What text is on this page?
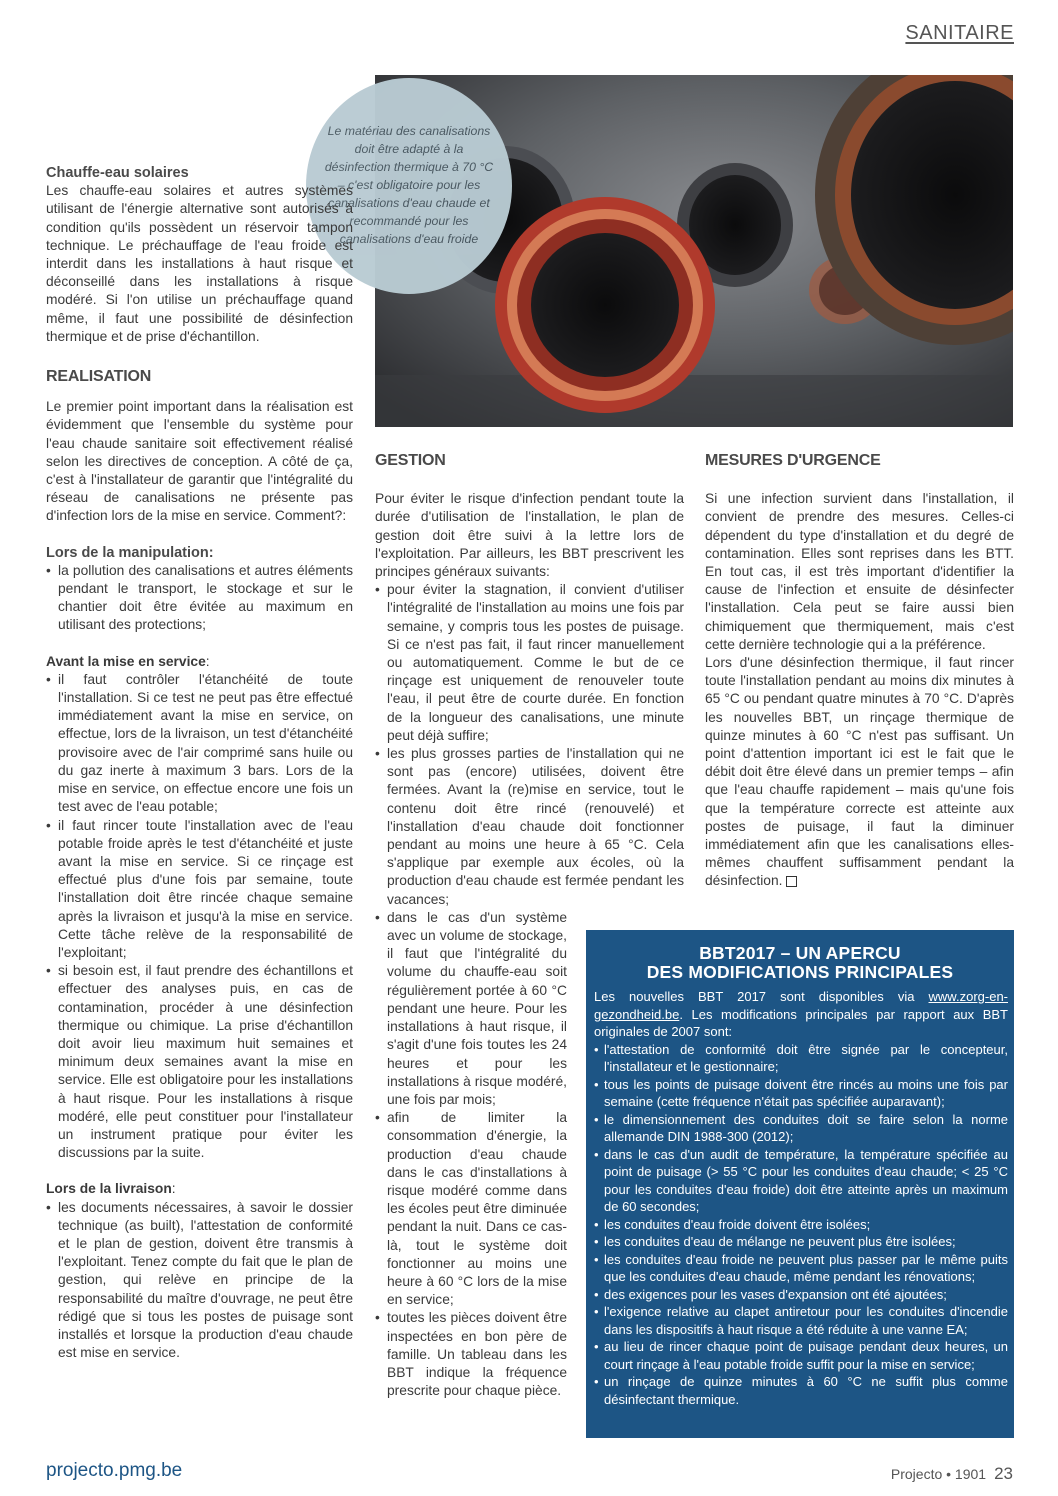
SANITAIRE

Le matériau des canalisations doit être adapté à la désinfection thermique à 70 °C – c'est obligatoire pour les canalisations d'eau chaude et recommandé pour les canalisations d'eau froide

Chauffe-eau solaires

Les chauffe-eau solaires et autres systèmes utilisant de l'énergie alternative sont autorisés à condition qu'ils possèdent un réservoir tampon technique. Le préchauffage de l'eau froide est interdit dans les installations à haut risque et déconseillé dans les installations à risque modéré. Si l'on utilise un préchauffage quand même, il faut une possibilité de désinfection thermique et de prise d'échantillon.

REALISATION

Le premier point important dans la réalisation est évidemment que l'ensemble du système pour l'eau chaude sanitaire soit effectivement réalisé selon les directives de conception. A côté de ça, c'est à l'installateur de garantir que l'intégralité du réseau de canalisations ne présente pas d'infection lors de la mise en service. Comment?:

Lors de la manipulation:
• la pollution des canalisations et autres éléments pendant le transport, le stockage et sur le chantier doit être évitée au maximum en utilisant des protections;

Avant la mise en service:

• il faut contrôler l'étanchéité de toute l'installation. Si ce test ne peut pas être effectué immédiatement avant la mise en service, on effectue, lors de la livraison, un test d'étanchéité provisoire avec de l'air comprimé sans huile ou du gaz inerte à maximum 3 bars. Lors de la mise en service, on effectue encore une fois un test avec de l'eau potable;
• il faut rincer toute l'installation avec de l'eau potable froide après le test d'étanchéité et juste avant la mise en service. Si ce rinçage est effectué plus d'une fois par semaine, toute l'installation doit être rincée chaque semaine après la livraison et jusqu'à la mise en service. Cette tâche relève de la responsabilité de l'exploitant;
• si besoin est, il faut prendre des échantillons et effectuer des analyses puis, en cas de contamination, procéder à une désinfection thermique ou chimique. La prise d'échantillon doit avoir lieu maximum huit semaines et minimum deux semaines avant la mise en service. Elle est obligatoire pour les installations à haut risque. Pour les installations à risque modéré, elle peut constituer pour l'installateur un instrument pratique pour éviter les discussions par la suite.

Lors de la livraison:

• les documents nécessaires, à savoir le dossier technique (as built), l'attestation de conformité et le plan de gestion, doivent être transmis à l'exploitant. Tenez compte du fait que le plan de gestion, qui relève en principe de la responsabilité du maître d'ouvrage, ne peut être rédigé que si tous les postes de puisage sont installés et lorsque la production d'eau chaude est mise en service.
GESTION

Pour éviter le risque d'infection pendant toute la durée d'utilisation de l'installation, le plan de gestion doit être suivi à la lettre lors de l'exploitation. Par ailleurs, les BBT prescrivent les principes généraux suivants:

• pour éviter la stagnation, il convient d'utiliser l'intégralité de l'installation au moins une fois par semaine, y compris tous les postes de puisage. Si ce n'est pas fait, il faut rincer manuellement ou automatiquement. Comme le but de ce rinçage est uniquement de renouveler toute l'eau, il peut être de courte durée. En fonction de la longueur des canalisations, une minute peut déjà suffire;
• les plus grosses parties de l'installation qui ne sont pas (encore) utilisées, doivent être fermées. Avant la (re)mise en service, tout le contenu doit être rincé (renouvelé) et l'installation d'eau chaude doit fonctionner pendant au moins une heure à 65 °C. Cela s'applique par exemple aux écoles, où la production d'eau chaude est fermée pendant les vacances;
• dans le cas d'un système avec un volume de stockage, il faut que l'intégralité du volume du chauffe-eau soit régulièrement portée à 60 °C pendant une heure. Pour les installations à haut risque, il s'agit d'une fois toutes les 24 heures et pour les installations à risque modéré, une fois par mois;
• afin de limiter la consommation d'énergie, la production d'eau chaude dans le cas d'installations à risque modéré comme dans les écoles peut être diminuée pendant la nuit. Dans ce cas-là, tout le système doit fonctionner au moins une heure à 60 °C lors de la mise en service;
• toutes les pièces doivent être inspectées en bon père de famille. Un tableau dans les BBT indique la fréquence prescrite pour chaque pièce.
MESURES D'URGENCE

Si une infection survient dans l'installation, il convient de prendre des mesures. Celles-ci dépendent du type d'installation et du degré de contamination. Elles sont reprises dans les BTT. En tout cas, il est très important d'identifier la cause de l'infection et ensuite de désinfecter l'installation. Cela peut se faire aussi bien chimiquement que thermiquement, mais c'est cette dernière technologie qui a la préférence.

Lors d'une désinfection thermique, il faut rincer toute l'installation pendant au moins dix minutes à 65 °C ou pendant quatre minutes à 70 °C. D'après les nouvelles BBT, un rinçage thermique de quinze minutes à 60 °C n'est pas suffisant. Un point d'attention important ici est le fait que le débit doit être élevé dans un premier temps – afin que l'eau chauffe rapidement – mais qu'une fois que la température correcte est atteinte aux postes de puisage, il faut la diminuer immédiatement afin que les canalisations elles-mêmes chauffent suffisamment pendant la désinfection.

BBT2017 – UN APERCU
DES MODIFICATIONS PRINCIPALES

Les nouvelles BBT 2017 sont disponibles via www.zorg-en-gezondheid.be. Les modifications principales par rapport aux BBT originales de 2007 sont:

• l'attestation de conformité doit être signée par le concepteur, l'installateur et le gestionnaire;
• tous les points de puisage doivent être rincés au moins une fois par semaine (cette fréquence n'était pas spécifiée auparavant);
• le dimensionnement des conduites doit se faire selon la norme allemande DIN 1988-300 (2012);
• dans le cas d'un audit de température, la température spécifiée au point de puisage (> 55 °C pour les conduites d'eau chaude; < 25 °C pour les conduites d'eau froide) doit être atteinte après un maximum de 60 secondes;
• les conduites d'eau froide doivent être isolées;
• les conduites d'eau de mélange ne peuvent plus être isolées;
• les conduites d'eau froide ne peuvent plus passer par le même puits que les conduites d'eau chaude, même pendant les rénovations;
• des exigences pour les vases d'expansion ont été ajoutées;
• l'exigence relative au clapet antiretour pour les conduites d'incendie dans les dispositifs à haut risque a été réduite à une vanne EA;
• au lieu de rincer chaque point de puisage pendant deux heures, un court rinçage à l'eau potable froide suffit pour la mise en service;
• un rinçage de quinze minutes à 60 °C ne suffit plus comme désinfectant thermique.
projecto.pmg.be	Projecto • 1901 23
